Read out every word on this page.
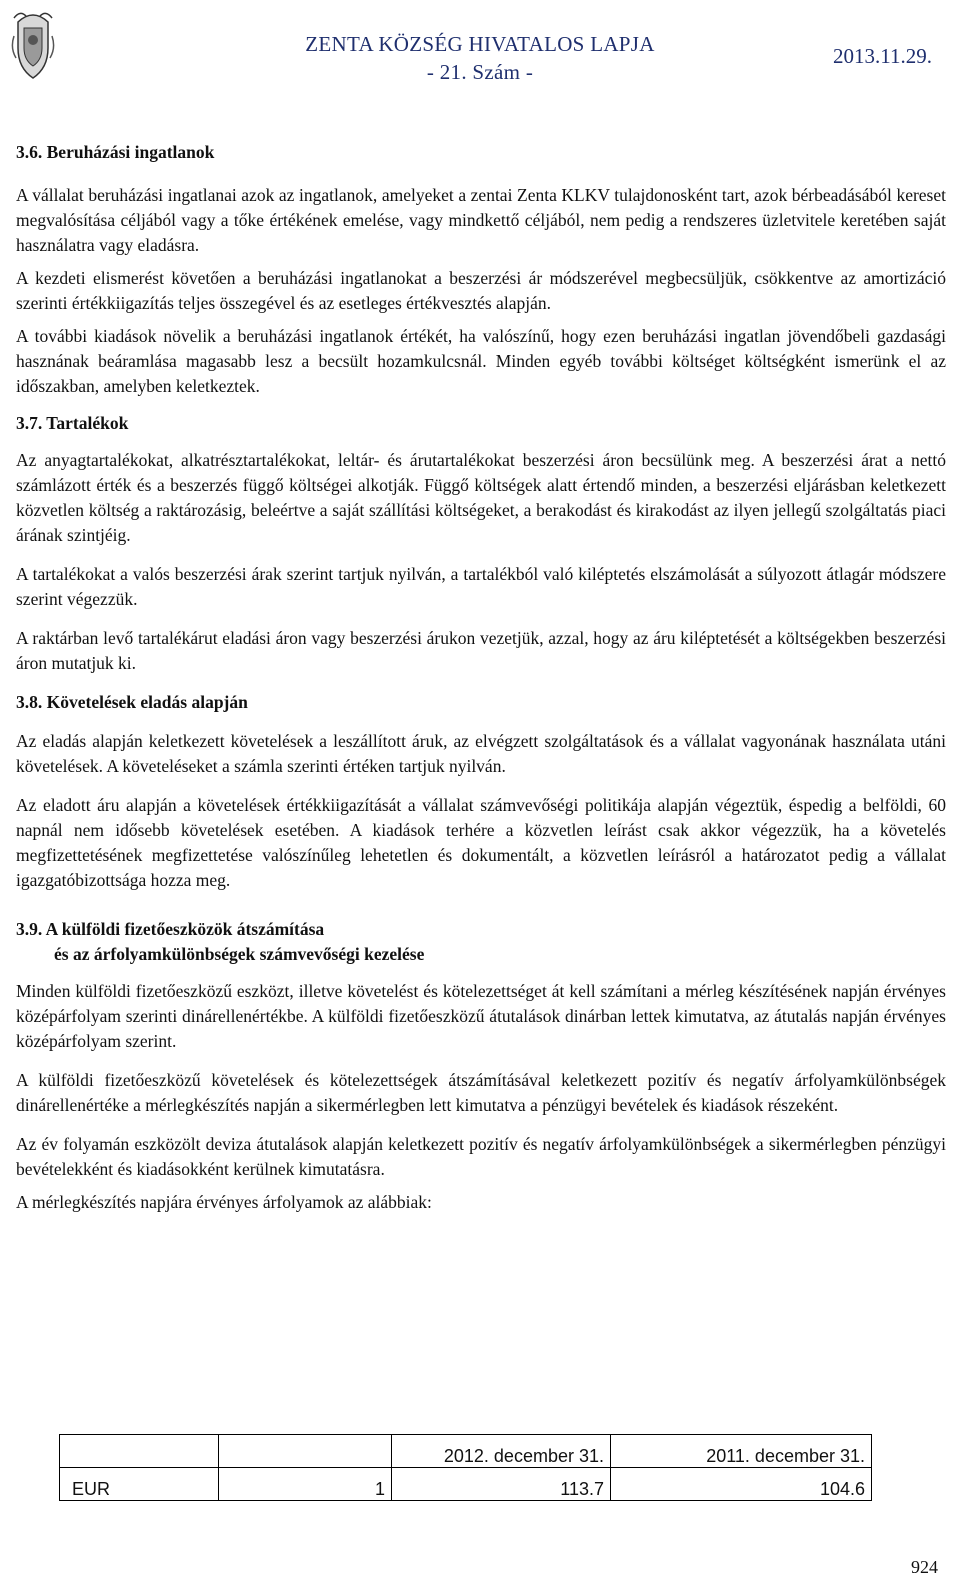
ZENTA KÖZSÉG HIVATALOS LAPJA
- 21. Szám -
2013.11.29.
3.6. Beruházási ingatlanok

A vállalat beruházási ingatlanai azok az ingatlanok, amelyeket a zentai Zenta KLKV tulajdonosként tart, azok bérbeadásából kereset megvalósítása céljából vagy a tőke értékének emelése, vagy mindkettő céljából, nem pedig a rendszeres üzletvitele keretében saját használatra vagy eladásra.

A kezdeti elismerést követően a beruházási ingatlanokat a beszerzési ár módszerével megbecsüljük, csökkentve az amortizáció szerinti értékkiigazítás teljes összegével és az esetleges értékvesztés alapján.

A további kiadások növelik a beruházási ingatlanok értékét, ha valószínű, hogy ezen beruházási ingatlan jövendőbeli gazdasági hasznának beáramlása magasabb lesz a becsült hozamkulcsnál. Minden egyéb további költséget költségként ismerünk el az időszakban, amelyben keletkeztek.

3.7. Tartalékok

Az anyagtartalékokat, alkatrésztartalékokat, leltár- és árutartalékokat beszerzési áron becsülünk meg. A beszerzési árat a nettó számlázott érték és a beszerzés függő költségei alkotják. Függő költségek alatt értendő minden, a beszerzési eljárásban keletkezett közvetlen költség a raktározásig, beleértve a saját szállítási költségeket, a berakodást és kirakodást az ilyen jellegű szolgáltatás piaci árának szintjéig.

A tartalékokat a valós beszerzési árak szerint tartjuk nyilván, a tartalékból való kiléptetés elszámolását a súlyozott átlagár módszere szerint végezzük.

A raktárban levő tartalékárut eladási áron vagy beszerzési árukon vezetjük, azzal, hogy az áru kiléptetését a költségekben beszerzési áron mutatjuk ki.

3.8. Követelések eladás alapján

Az eladás alapján keletkezett követelések a leszállított áruk, az elvégzett szolgáltatások és a vállalat vagyonának használata utáni követelések. A követeléseket a számla szerinti értéken tartjuk nyilván.

Az eladott áru alapján a követelések értékkiigazítását a vállalat számvevőségi politikája alapján végeztük, éspedig a belföldi, 60 napnál nem idősebb követelések esetében. A kiadások terhére a közvetlen leírást csak akkor végezzük, ha a követelés megfizettetésének megfizettetése valószínűleg lehetetlen és dokumentált, a közvetlen leírásról a határozatot pedig a vállalat igazgatóbizottsága hozza meg.

3.9. A külföldi fizetőeszközök átszámítása
és az árfolyamkülönbségek számvevőségi kezelése

Minden külföldi fizetőeszközű eszközt, illetve követelést és kötelezettséget át kell számítani a mérleg készítésének napján érvényes középárfolyam szerinti dinárellenértékbe. A külföldi fizetőeszközű átutalások dinárban lettek kimutatva, az átutalás napján érvényes középárfolyam szerint.

A külföldi fizetőeszközű követelések és kötelezettségek átszámításával keletkezett pozitív és negatív árfolyamkülönbségek dinárellenértéke a mérlegkészítés napján a sikermérlegben lett kimutatva a pénzügyi bevételek és kiadások részeként.

Az év folyamán eszközölt deviza átutalások alapján keletkezett pozitív és negatív árfolyamkülönbségek a sikermérlegben pénzügyi bevételekként és kiadásokként kerülnek kimutatásra.

A mérlegkészítés napjára érvényes árfolyamok az alábbiak:

		2012. december 31.	2011. december 31.
EUR	1	113.7	104.6
924
